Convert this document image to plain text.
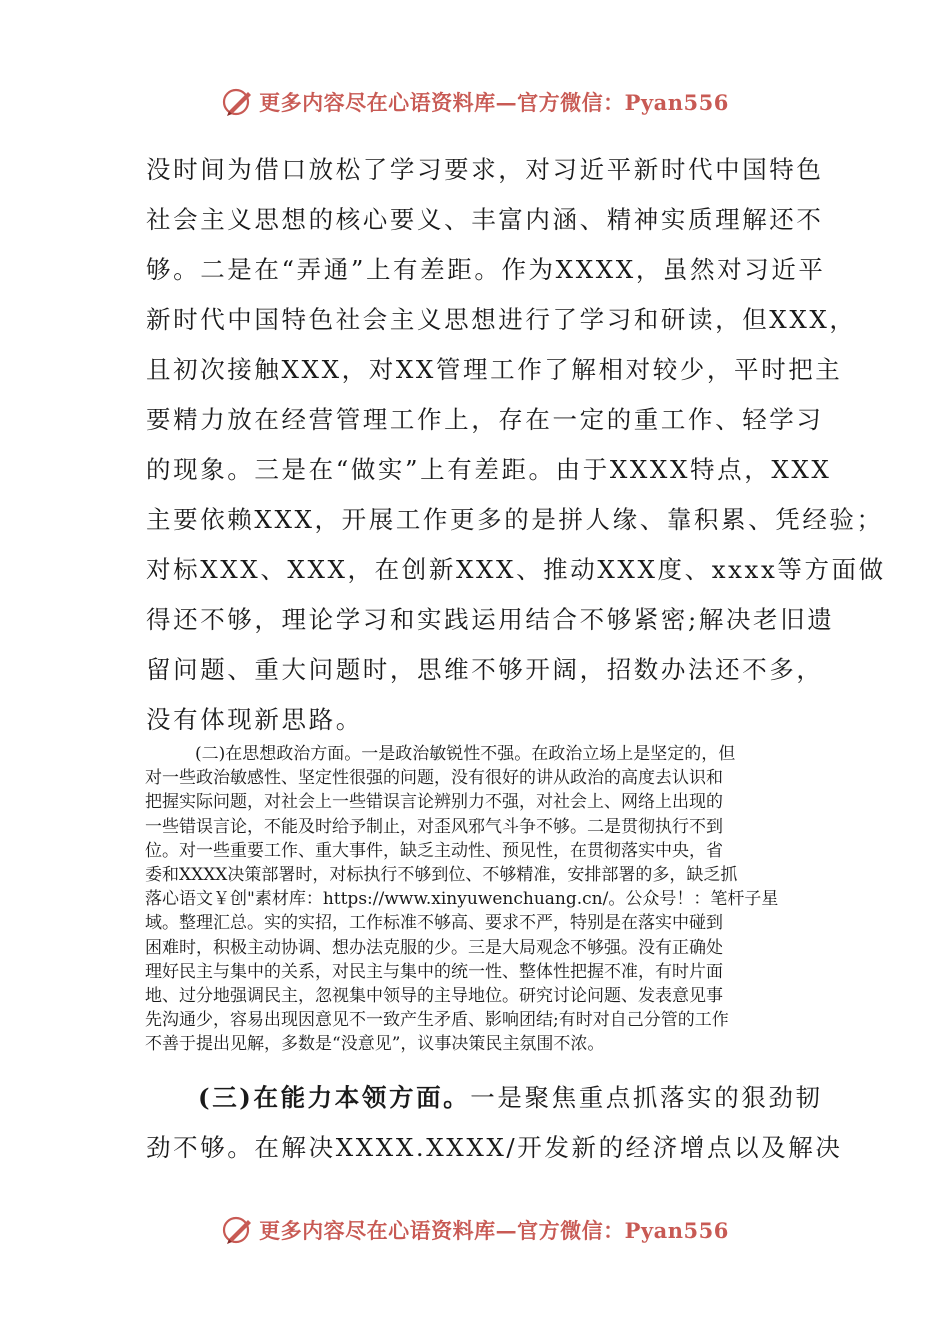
更多内容尽在心语资料库—官方微信：Pyan556
没时间为借口放松了学习要求，对习近平新时代中国特色
社会主义思想的核心要义、丰富内涵、精神实质理解还不
够。二是在“弄通”上有差距。作为XXXX，虽然对习近平
新时代中国特色社会主义思想进行了学习和研读，但XXX，
且初次接触XXX，对XX管理工作了解相对较少，平时把主
要精力放在经营管理工作上，存在一定的重工作、轻学习
的现象。三是在“做实”上有差距。由于XXXX特点，XXX
主要依赖XXX，开展工作更多的是拼人缘、靠积累、凭经验；
对标XXX、XXX，在创新XXX、推动XXX度、xxxx等方面做
得还不够，理论学习和实践运用结合不够紧密;解决老旧遗
留问题、重大问题时，思维不够开阔，招数办法还不多，
没有体现新思路。
(二)在思想政治方面。一是政治敏锐性不强。在政治立场上是坚定的，但
对一些政治敏感性、坚定性很强的问题，没有很好的讲从政治的高度去认识和
把握实际问题，对社会上一些错误言论辨别力不强，对社会上、网络上出现的
一些错误言论，不能及时给予制止，对歪风邪气斗争不够。二是贯彻执行不到
位。对一些重要工作、重大事件，缺乏主动性、预见性，在贯彻落实中央，省
委和XXXX决策部署时，对标执行不够到位、不够精准，安排部署的多，缺乏抓
落心语文￥创"素材库：https://www.xinyuwenchuang.cn/。公众号！：笔杆子星
域。整理汇总。实的实招，工作标准不够高、要求不严，特别是在落实中碰到
困难时，积极主动协调、想办法克服的少。三是大局观念不够强。没有正确处
理好民主与集中的关系，对民主与集中的统一性、整体性把握不准，有时片面
地、过分地强调民主，忽视集中领导的主导地位。研究讨论问题、发表意见事
先沟通少，容易出现因意见不一致产生矛盾、影响团结;有时对自己分管的工作
不善于提出见解，多数是“没意见”，议事决策民主氛围不浓。
(三)在能力本领方面。一是聚焦重点抓落实的狠劲韧
劲不够。在解决XXXX.XXXX/开发新的经济增点以及解决
更多内容尽在心语资料库—官方微信：Pyan556
